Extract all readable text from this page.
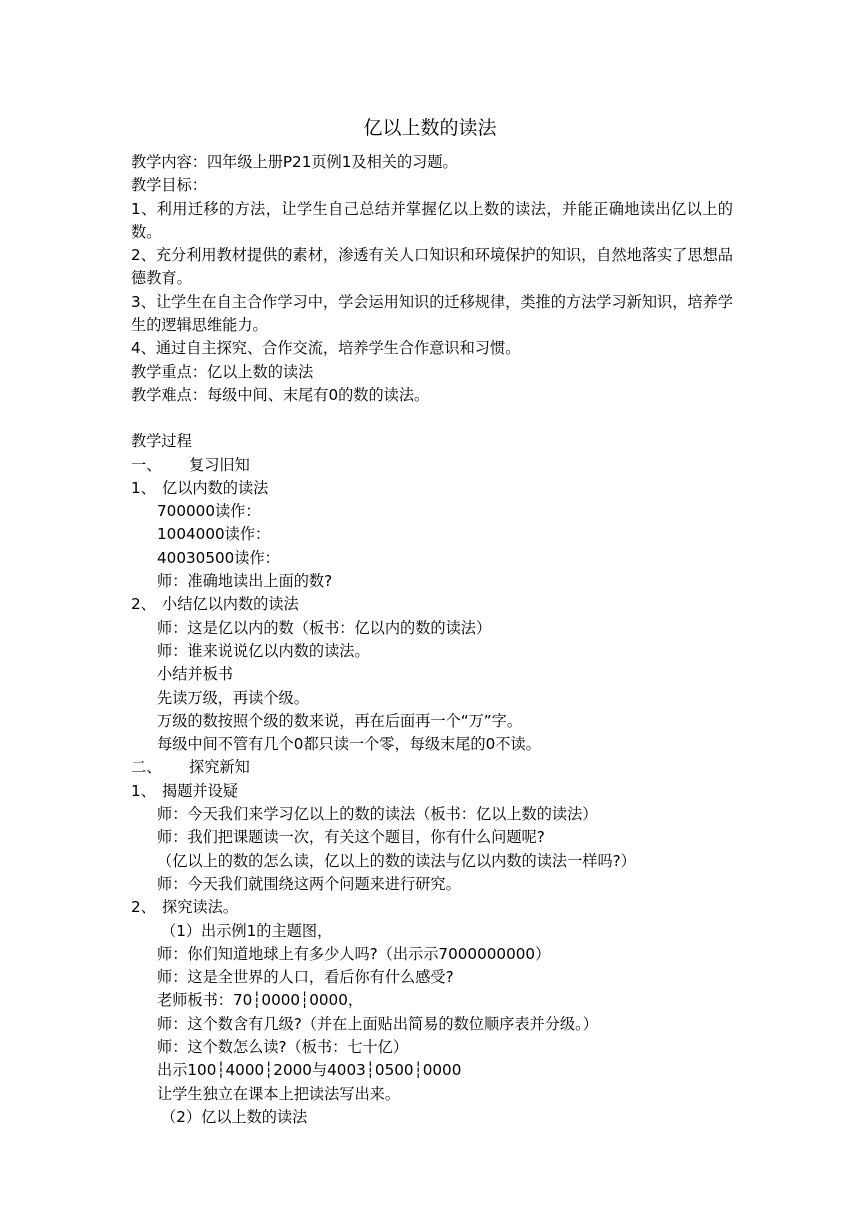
亿以上数的读法
教学内容：四年级上册P21页例1及相关的习题。
教学目标：
1、利用迁移的方法，让学生自己总结并掌握亿以上数的读法，并能正确地读出亿以上的数。
2、充分利用教材提供的素材，渗透有关人口知识和环境保护的知识，自然地落实了思想品德教育。
3、让学生在自主合作学习中，学会运用知识的迁移规律，类推的方法学习新知识，培养学生的逻辑思维能力。
4、通过自主探究、合作交流，培养学生合作意识和习惯。
教学重点：亿以上数的读法
教学难点：每级中间、末尾有0的数的读法。
教学过程
一、 复习旧知
1、 亿以内数的读法
700000读作：
1004000读作：
40030500读作：
师：准确地读出上面的数?
2、 小结亿以内数的读法
师：这是亿以内的数（板书：亿以内的数的读法）
师：谁来说说亿以内数的读法。
小结并板书
先读万级，再读个级。
万级的数按照个级的数来说，再在后面再一个“万”字。
每级中间不管有几个0都只读一个零，每级末尾的0不读。
二、 探究新知
1、 揭题并设疑
师：今天我们来学习亿以上的数的读法（板书：亿以上数的读法）
师：我们把课题读一次，有关这个题目，你有什么问题呢?
（亿以上的数的怎么读，亿以上的数的读法与亿以内数的读法一样吗?）
师：今天我们就围绕这两个问题来进行研究。
2、 探究读法。
（1）出示例1的主题图，
师：你们知道地球上有多少人吗?（出示示7000000000）
师：这是全世界的人口，看后你有什么感受?
老师板书：70┆0000┆0000，
师：这个数含有几级?（并在上面贴出简易的数位顺序表并分级。）
师：这个数怎么读?（板书：七十亿）
出示100┆4000┆2000与4003┆0500┆0000
让学生独立在课本上把读法写出来。
（2）亿以上数的读法
